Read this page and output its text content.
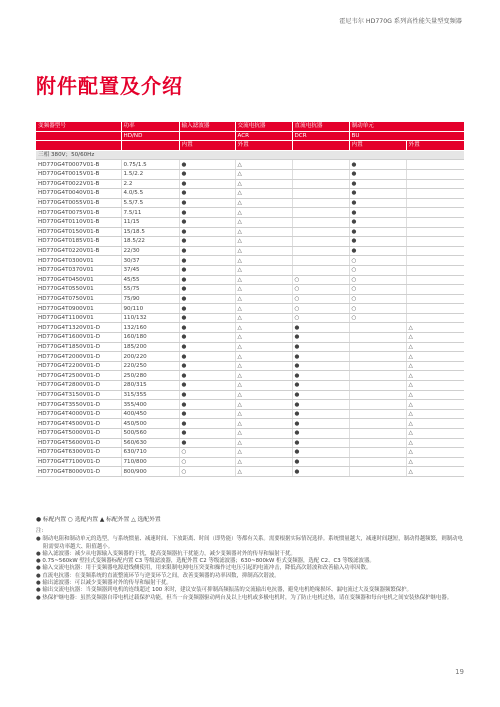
霍尼韦尔 HD770G 系列高性能矢量型变频器
附件配置及介绍
变频器型号	功率	输入滤波器	交流电抗器	直流电抗器	制动单元	
	HD/ND		ACR	DCR	BU	
		内置	外置		内置	外置
三相 380V；50/60Hz						
HD770G4T0007V01-B	0.75/1.5	●	△		●	
HD770G4T0015V01-B	1.5/2.2	●	△		●	
HD770G4T0022V01-B	2.2	●	△		●	
HD770G4T0040V01-B	4.0/5.5	●	△		●	
HD770G4T0055V01-B	5.5/7.5	●	△		●	
HD770G4T0075V01-B	7.5/11	●	△		●	
HD770G4T0110V01-B	11/15	●	△		●	
HD770G4T0150V01-B	15/18.5	●	△		●	
HD770G4T0185V01-B	18.5/22	●	△		●	
HD770G4T0220V01-B	22/30	●	△		●	
HD770G4T0300V01	30/37	●	△		○	
HD770G4T0370V01	37/45	●	△		○	
HD770G4T0450V01	45/55	●	△	○	○	
HD770G4T0550V01	55/75	●	△	○	○	
HD770G4T0750V01	75/90	●	△	○	○	
HD770G4T0900V01	90/110	●	△	○	○	
HD770G4T1100V01	110/132	●	△	○	○	
HD770G4T1320V01-D	132/160	●	△	●		△
HD770G4T1600V01-D	160/180	●	△	●		△
HD770G4T1850V01-D	185/200	●	△	●		△
HD770G4T2000V01-D	200/220	●	△	●		△
HD770G4T2200V01-D	220/250	●	△	●		△
HD770G4T2500V01-D	250/280	●	△	●		△
HD770G4T2800V01-D	280/315	●	△	●		△
HD770G4T3150V01-D	315/355	●	△	●		△
HD770G4T3550V01-D	355/400	●	△	●		△
HD770G4T4000V01-D	400/450	●	△	●		△
HD770G4T4500V01-D	450/500	●	△	●		△
HD770G4T5000V01-D	500/560	●	△	●		△
HD770G4T5600V01-D	560/630	●	△	●		△
HD770G4T6300V01-D	630/710	○	△	●		△
HD770G4T7100V01-D	710/800	○	△	●		△
HD770G4T8000V01-D	800/900	○	△	●		△
● 标配内置 ○ 选配内置 ▲ 标配外置 △ 选配外置
注:
● 制动电阻和制动单元的选型，与系统惯量、减速时间、下放距离、时间（即势能）等都有关系。需要根据实际情况选择。系统惯量越大，减速时间越短，制动得越频繁，则制动电阻需要功率越大、阻值越小。
● 输入滤波器：减少从电源输入变频器的干扰，提高变频器抗干扰能力，减少变频器对外的传导和辐射干扰。
● 0.75~560kW 壁挂式变频器标配内置 C3 等级滤波器，选配外置 C2 等级滤波器；630~800kW 柜式变频器，选配 C2、C3 等级滤波器。
● 输入交流电抗器：用于变频器电源进线侧使用，用来限制电网电压突变和操作过电压引起的电流冲击，降低高次谐波和改善输入功率因数。
● 直流电抗器：在变频系统的直流整流环节与逆变环节之间，改善变频器的功率因数，抑制高次谐波。
● 输出滤波器：可以减少变频器对外的传导和辐射干扰。
● 输出交流电抗器：当变频器到电机的连线超过 100 米时，建议安装可抑制高频振荡的交流输出电抗器，避免电机绝缘损坏、漏电流过大及变频器频繁保护。
● 热保护继电器：虽然变频器自带电机过载保护功能，但当一台变频器驱动两台及以上电机或多极电机时，为了防止电机过热，请在变频器和每台电机之间安装热保护继电器。
19
